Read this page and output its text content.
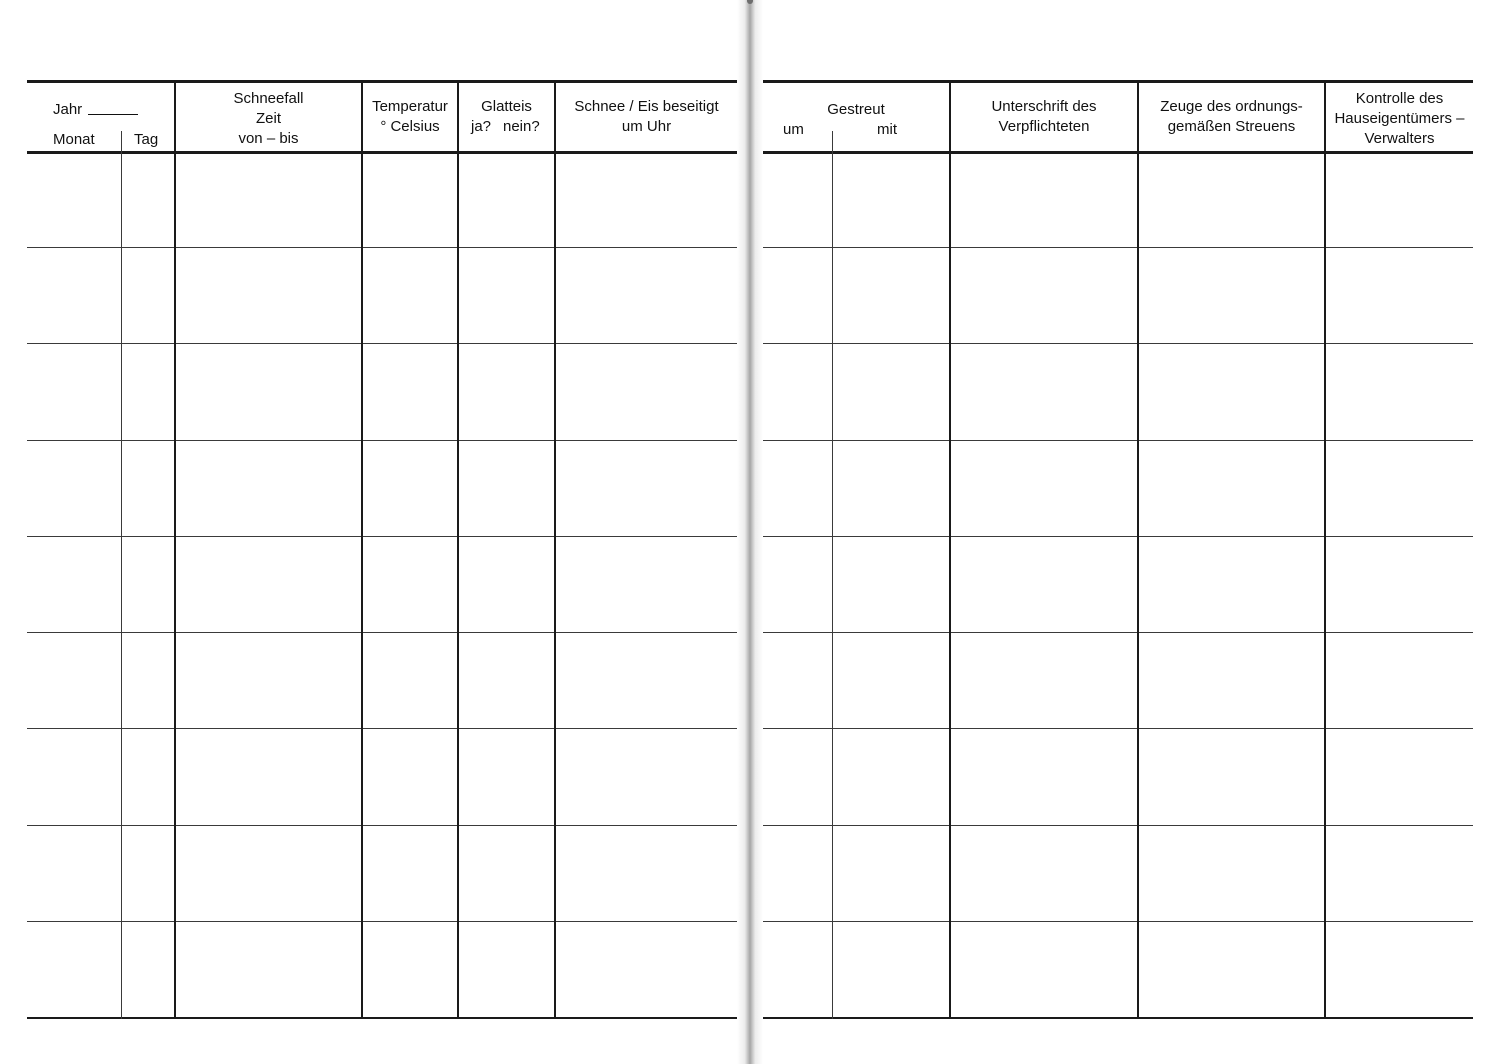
Jahr
Monat	Tag
Schneefall
Zeit
von – bis
Temperatur
° Celsius
Glatteis
ja? nein?
Schnee / Eis beseitigt
um Uhr
Gestreut
um	mit
Unterschrift des
Verpflichteten
Zeuge des ordnungs-
gemäßen Streuens
Kontrolle des
Hauseigentümers –
Verwalters
